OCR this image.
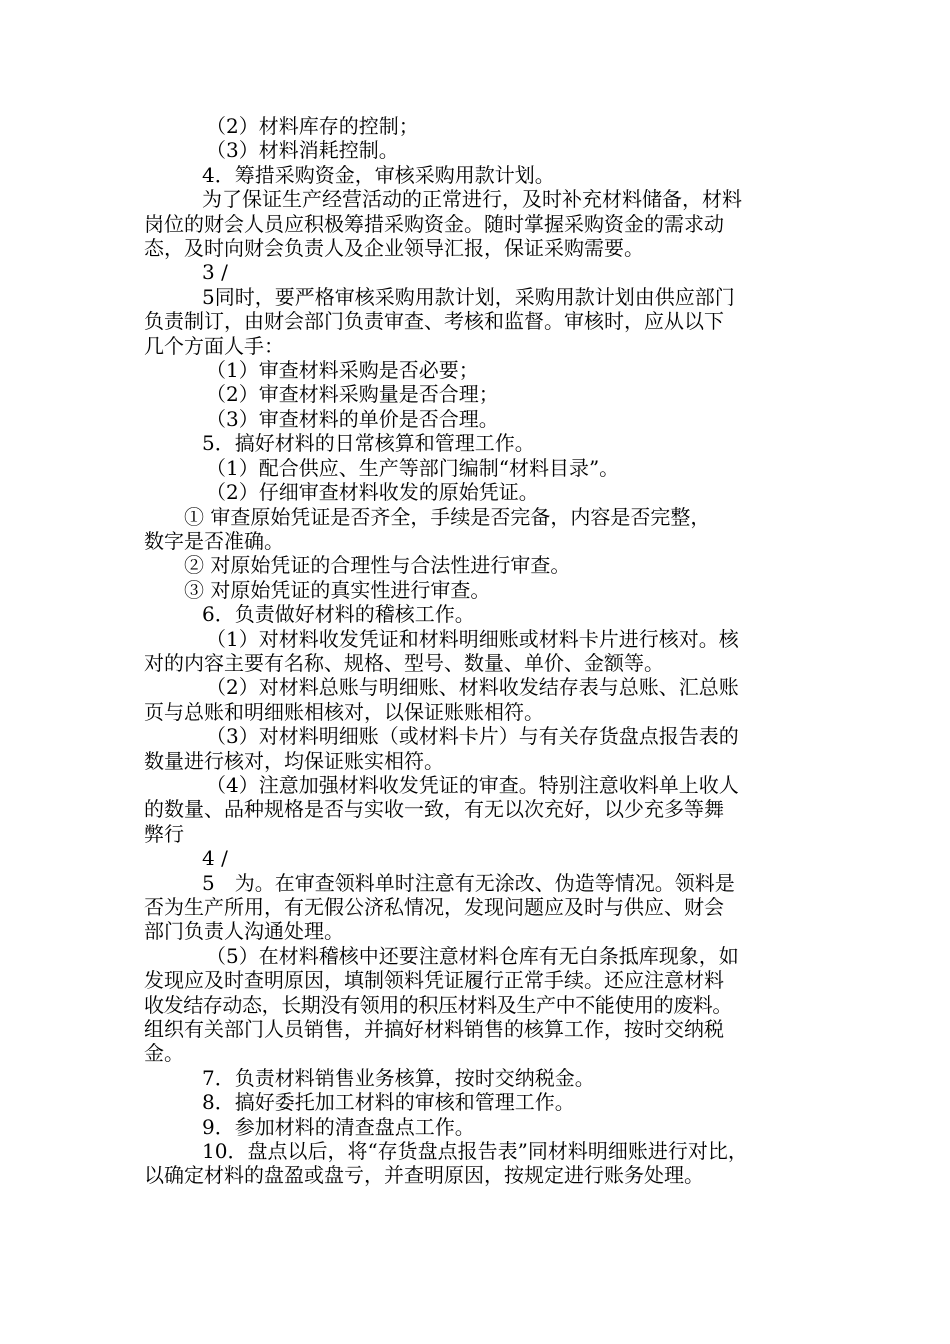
（2）材料库存的控制；

（3）材料消耗控制。

4．筹措采购资金，审核采购用款计划。

为了保证生产经营活动的正常进行，及时补充材料储备，材料

岗位的财会人员应积极筹措采购资金。随时掌握采购资金的需求动

态，及时向财会负责人及企业领导汇报，保证采购需要。

3 /

5同时，要严格审核采购用款计划，采购用款计划由供应部门

负责制订，由财会部门负责审查、考核和监督。审核时，应从以下

几个方面人手：

（1）审查材料采购是否必要；

（2）审查材料采购量是否合理；

（3）审查材料的单价是否合理。

5．搞好材料的日常核算和管理工作。

（1）配合供应、生产等部门编制“材料目录”。

（2）仔细审查材料收发的原始凭证。

① 审查原始凭证是否齐全，手续是否完备，内容是否完整，

数字是否准确。

② 对原始凭证的合理性与合法性进行审查。

③ 对原始凭证的真实性进行审查。

6．负责做好材料的稽核工作。

（1）对材料收发凭证和材料明细账或材料卡片进行核对。核

对的内容主要有名称、规格、型号、数量、单价、金额等。

（2）对材料总账与明细账、材料收发结存表与总账、汇总账

页与总账和明细账相核对，以保证账账相符。

（3）对材料明细账（或材料卡片）与有关存货盘点报告表的

数量进行核对，均保证账实相符。

（4）注意加强材料收发凭证的审查。特别注意收料单上收人

的数量、品种规格是否与实收一致，有无以次充好，以少充多等舞

弊行

4 /

5　为。在审查领料单时注意有无涂改、伪造等情况。领料是

否为生产所用，有无假公济私情况，发现问题应及时与供应、财会

部门负责人沟通处理。

（5）在材料稽核中还要注意材料仓库有无白条抵库现象，如

发现应及时查明原因，填制领料凭证履行正常手续。还应注意材料

收发结存动态，长期没有领用的积压材料及生产中不能使用的废料。

组织有关部门人员销售，并搞好材料销售的核算工作，按时交纳税

金。

7．负责材料销售业务核算，按时交纳税金。

8．搞好委托加工材料的审核和管理工作。

9．参加材料的清查盘点工作。

10．盘点以后，将“存货盘点报告表”同材料明细账进行对比，

以确定材料的盘盈或盘亏，并查明原因，按规定进行账务处理。
